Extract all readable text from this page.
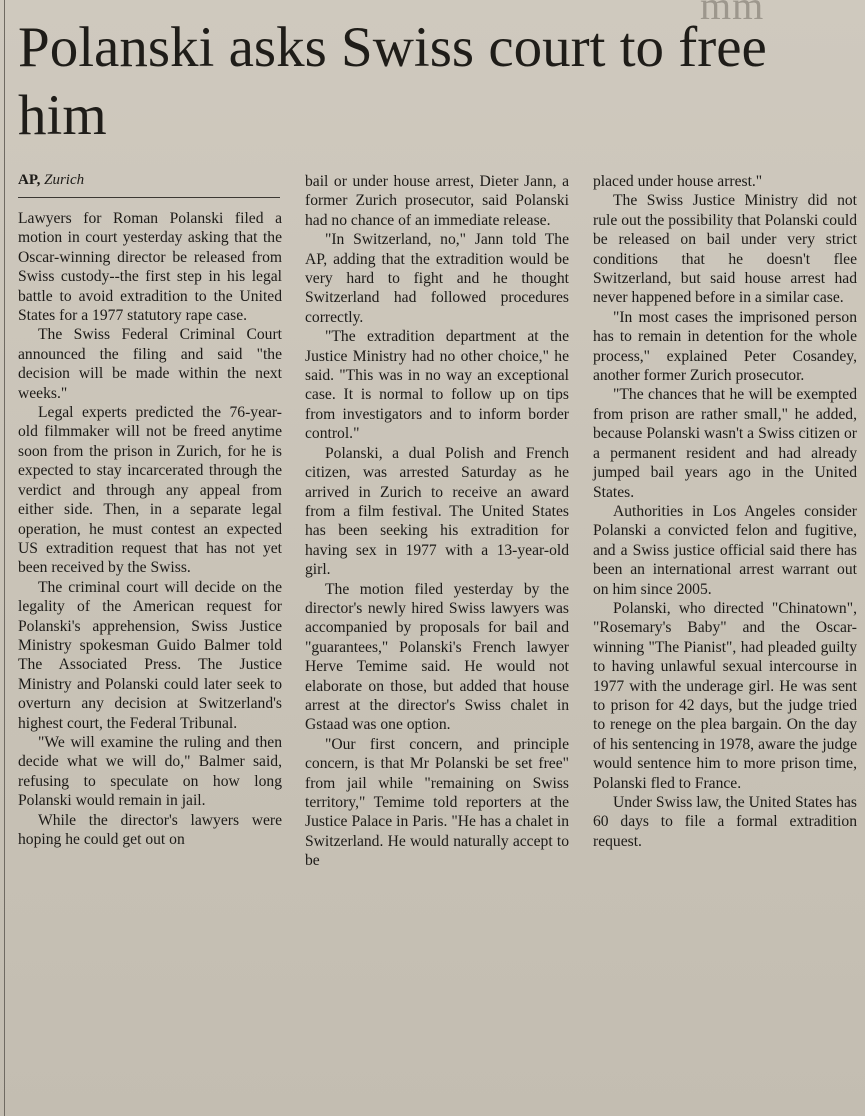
mm
Polanski asks Swiss court to free him
AP, Zurich

Lawyers for Roman Polanski filed a motion in court yesterday asking that the Oscar-winning director be released from Swiss custody--the first step in his legal battle to avoid extradition to the United States for a 1977 statutory rape case.

The Swiss Federal Criminal Court announced the filing and said "the decision will be made within the next weeks."

Legal experts predicted the 76-year-old filmmaker will not be freed anytime soon from the prison in Zurich, for he is expected to stay incarcerated through the verdict and through any appeal from either side. Then, in a separate legal operation, he must contest an expected US extradition request that has not yet been received by the Swiss.

The criminal court will decide on the legality of the American request for Polanski's apprehension, Swiss Justice Ministry spokesman Guido Balmer told The Associated Press. The Justice Ministry and Polanski could later seek to overturn any decision at Switzerland's highest court, the Federal Tribunal.

"We will examine the ruling and then decide what we will do," Balmer said, refusing to speculate on how long Polanski would remain in jail.

While the director's lawyers were hoping he could get out on

bail or under house arrest, Dieter Jann, a former Zurich prosecutor, said Polanski had no chance of an immediate release.

"In Switzerland, no," Jann told The AP, adding that the extradition would be very hard to fight and he thought Switzerland had followed procedures correctly.

"The extradition department at the Justice Ministry had no other choice," he said. "This was in no way an exceptional case. It is normal to follow up on tips from investigators and to inform border control."

Polanski, a dual Polish and French citizen, was arrested Saturday as he arrived in Zurich to receive an award from a film festival. The United States has been seeking his extradition for having sex in 1977 with a 13-year-old girl.

The motion filed yesterday by the director's newly hired Swiss lawyers was accompanied by proposals for bail and "guarantees," Polanski's French lawyer Herve Temime said. He would not elaborate on those, but added that house arrest at the director's Swiss chalet in Gstaad was one option.

"Our first concern, and principle concern, is that Mr Polanski be set free" from jail while "remaining on Swiss territory," Temime told reporters at the Justice Palace in Paris. "He has a chalet in Switzerland. He would naturally accept to be

placed under house arrest."

The Swiss Justice Ministry did not rule out the possibility that Polanski could be released on bail under very strict conditions that he doesn't flee Switzerland, but said house arrest had never happened before in a similar case.

"In most cases the imprisoned person has to remain in detention for the whole process," explained Peter Cosandey, another former Zurich prosecutor.

"The chances that he will be exempted from prison are rather small," he added, because Polanski wasn't a Swiss citizen or a permanent resident and had already jumped bail years ago in the United States.

Authorities in Los Angeles consider Polanski a convicted felon and fugitive, and a Swiss justice official said there has been an international arrest warrant out on him since 2005.

Polanski, who directed "Chinatown", "Rosemary's Baby" and the Oscar-winning "The Pianist", had pleaded guilty to having unlawful sexual intercourse in 1977 with the underage girl. He was sent to prison for 42 days, but the judge tried to renege on the plea bargain. On the day of his sentencing in 1978, aware the judge would sentence him to more prison time, Polanski fled to France.

Under Swiss law, the United States has 60 days to file a formal extradition request.
